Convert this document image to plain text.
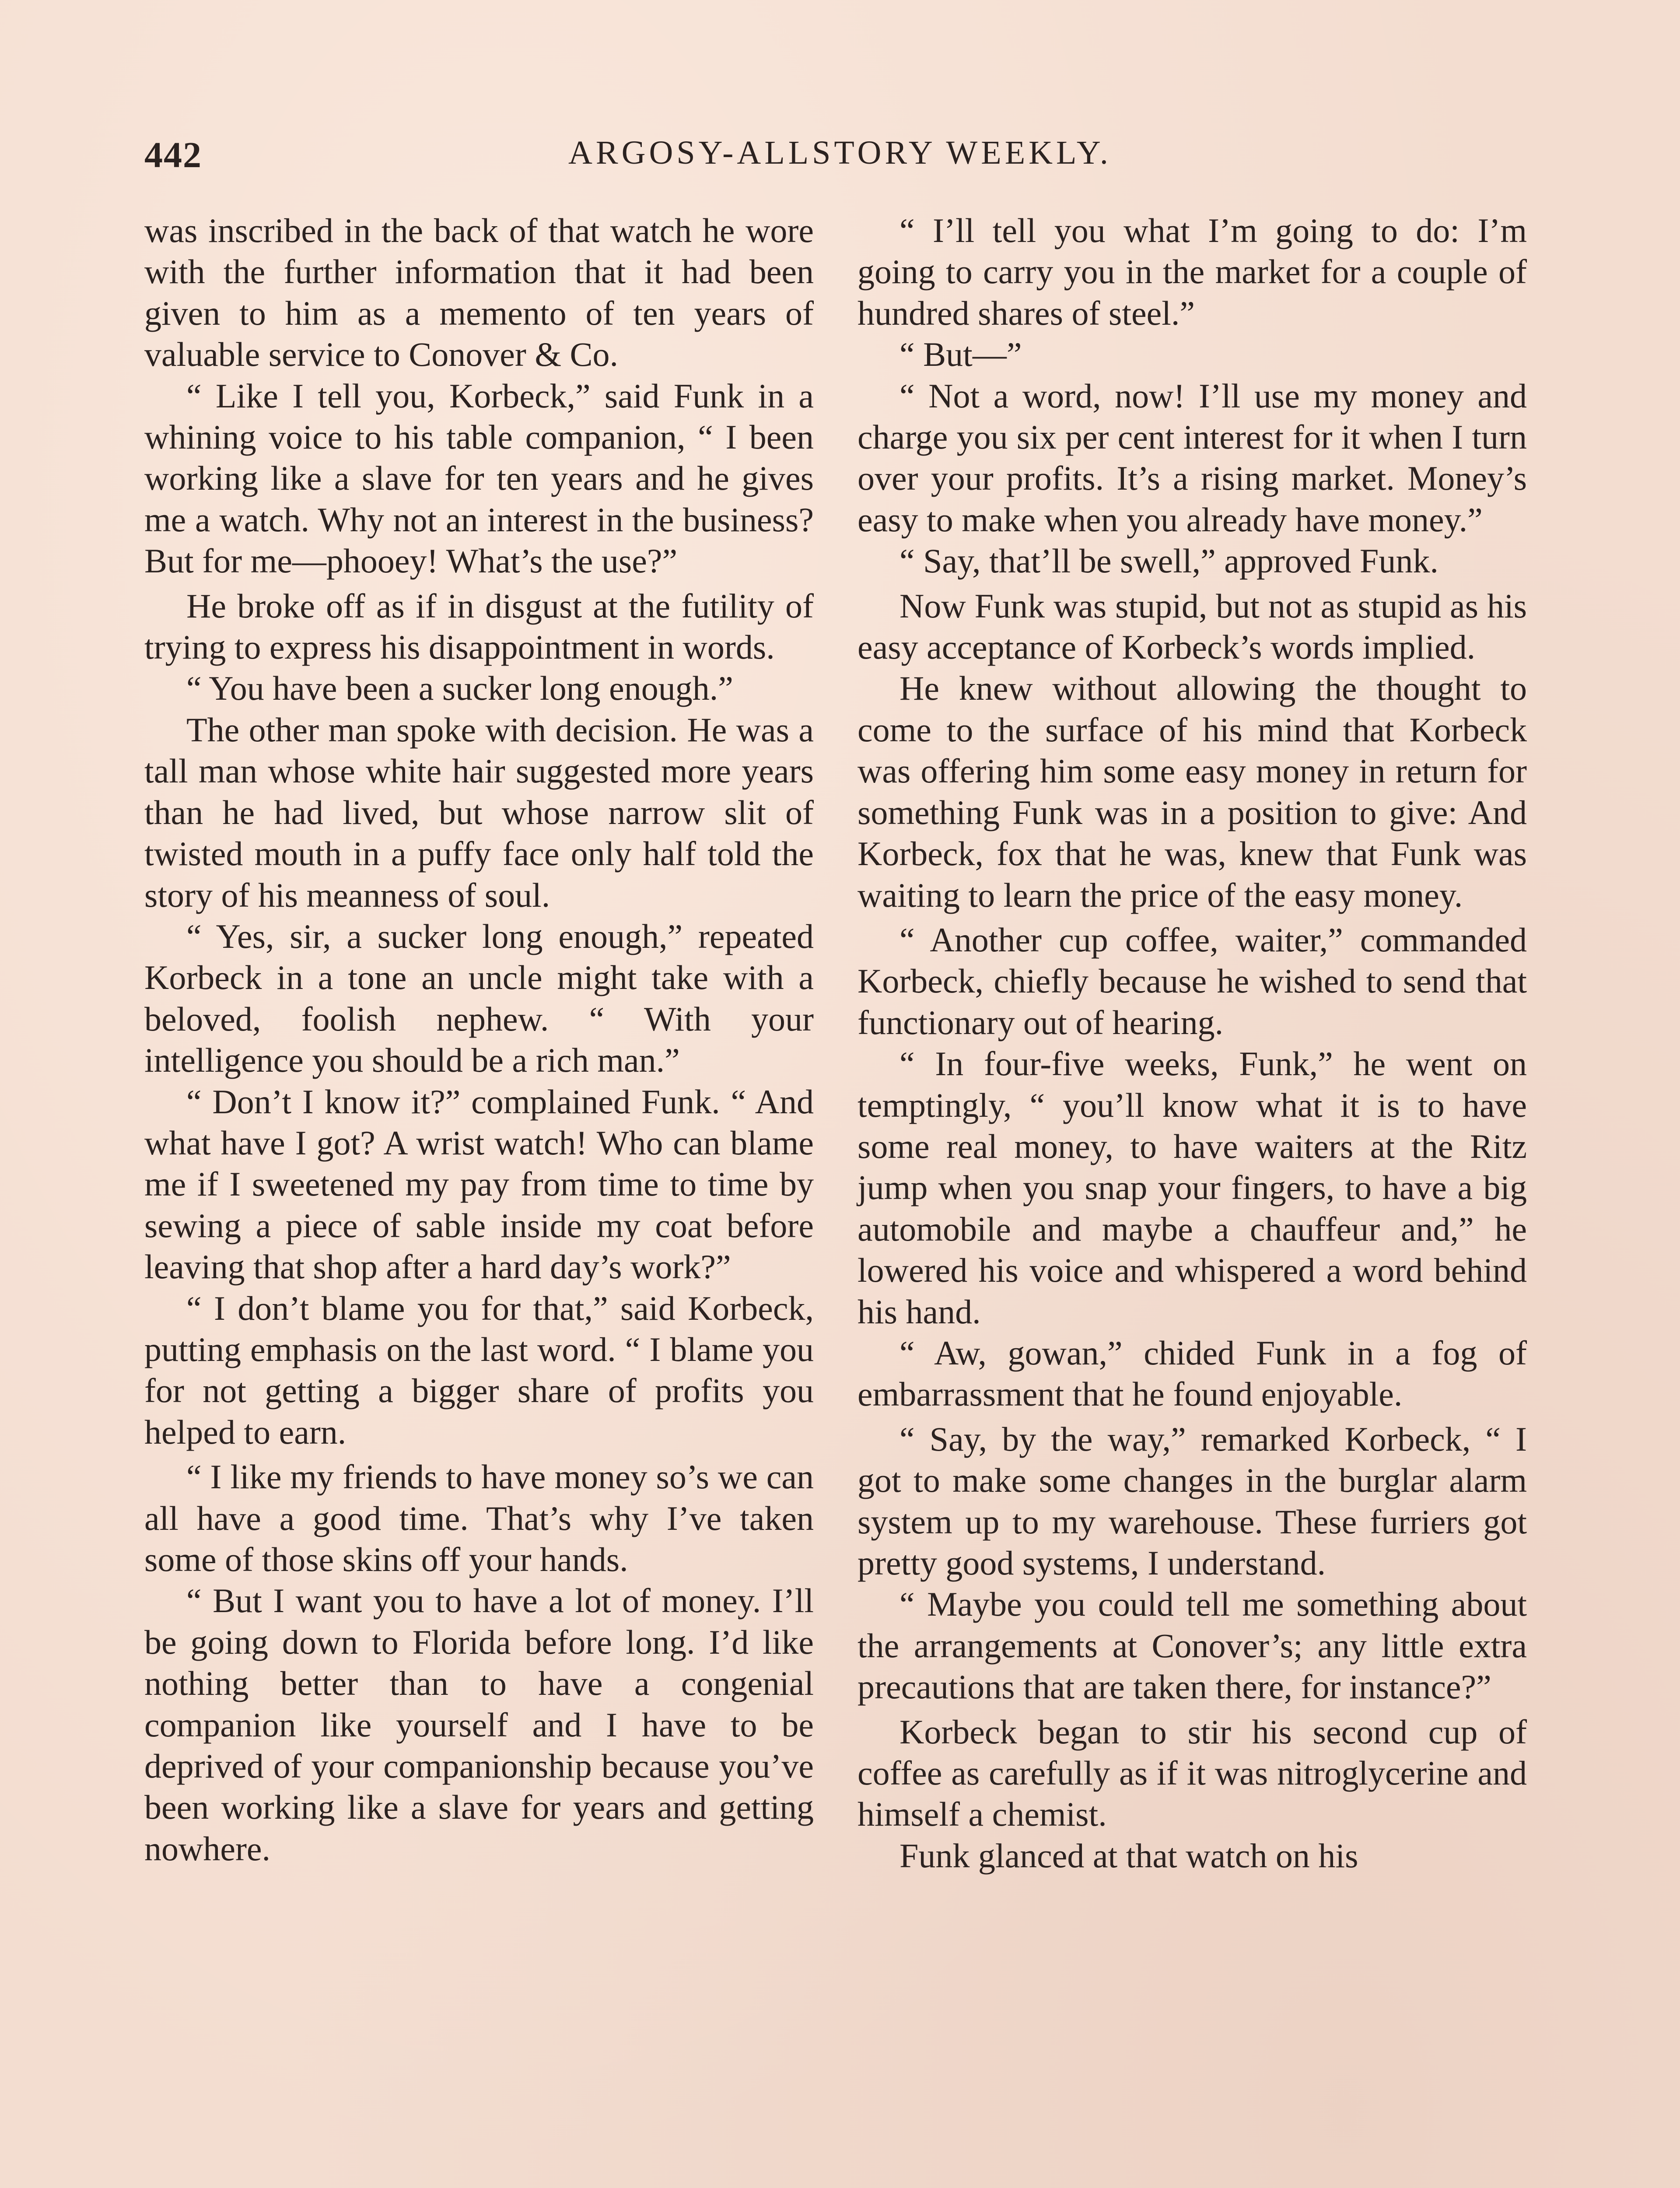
442	ARGOSY-ALLSTORY WEEKLY.

was inscribed in the back of that watch he wore with the further information that it had been given to him as a memento of ten years of valuable service to Conover & Co.

“ Like I tell you, Korbeck,” said Funk in a whining voice to his table companion, “ I been working like a slave for ten years and he gives me a watch. Why not an interest in the business? But for me—phooey! What’s the use?”

He broke off as if in disgust at the futility of trying to express his disappointment in words.

“ You have been a sucker long enough.”

The other man spoke with decision. He was a tall man whose white hair suggested more years than he had lived, but whose narrow slit of twisted mouth in a puffy face only half told the story of his meanness of soul.

“ Yes, sir, a sucker long enough,” repeated Korbeck in a tone an uncle might take with a beloved, foolish nephew. “ With your intelligence you should be a rich man.”

“ Don’t I know it?” complained Funk. “ And what have I got? A wrist watch! Who can blame me if I sweetened my pay from time to time by sewing a piece of sable inside my coat before leaving that shop after a hard day’s work?”

“ I don’t blame you for that,” said Korbeck, putting emphasis on the last word. “ I blame you for not getting a bigger share of profits you helped to earn.

“ I like my friends to have money so’s we can all have a good time. That’s why I’ve taken some of those skins off your hands.

“ But I want you to have a lot of money. I’ll be going down to Florida before long. I’d like nothing better than to have a congenial companion like yourself and I have to be deprived of your companionship because you’ve been working like a slave for years and getting nowhere.

“ I’ll tell you what I’m going to do: I’m going to carry you in the market for a couple of hundred shares of steel.”

“ But—”

“ Not a word, now! I’ll use my money and charge you six per cent interest for it when I turn over your profits. It’s a rising market. Money’s easy to make when you already have money.”

“ Say, that’ll be swell,” approved Funk.

Now Funk was stupid, but not as stupid as his easy acceptance of Korbeck’s words implied.

He knew without allowing the thought to come to the surface of his mind that Korbeck was offering him some easy money in return for something Funk was in a position to give: And Korbeck, fox that he was, knew that Funk was waiting to learn the price of the easy money.

“ Another cup coffee, waiter,” commanded Korbeck, chiefly because he wished to send that functionary out of hearing.

“ In four-five weeks, Funk,” he went on temptingly, “ you’ll know what it is to have some real money, to have waiters at the Ritz jump when you snap your fingers, to have a big automobile and maybe a chauffeur and,” he lowered his voice and whispered a word behind his hand.

“ Aw, gowan,” chided Funk in a fog of embarrassment that he found enjoyable.

“ Say, by the way,” remarked Korbeck, “ I got to make some changes in the burglar alarm system up to my warehouse. These furriers got pretty good systems, I understand.

“ Maybe you could tell me something about the arrangements at Conover’s; any little extra precautions that are taken there, for instance?”

Korbeck began to stir his second cup of coffee as carefully as if it was nitroglycerine and himself a chemist.

Funk glanced at that watch on his
